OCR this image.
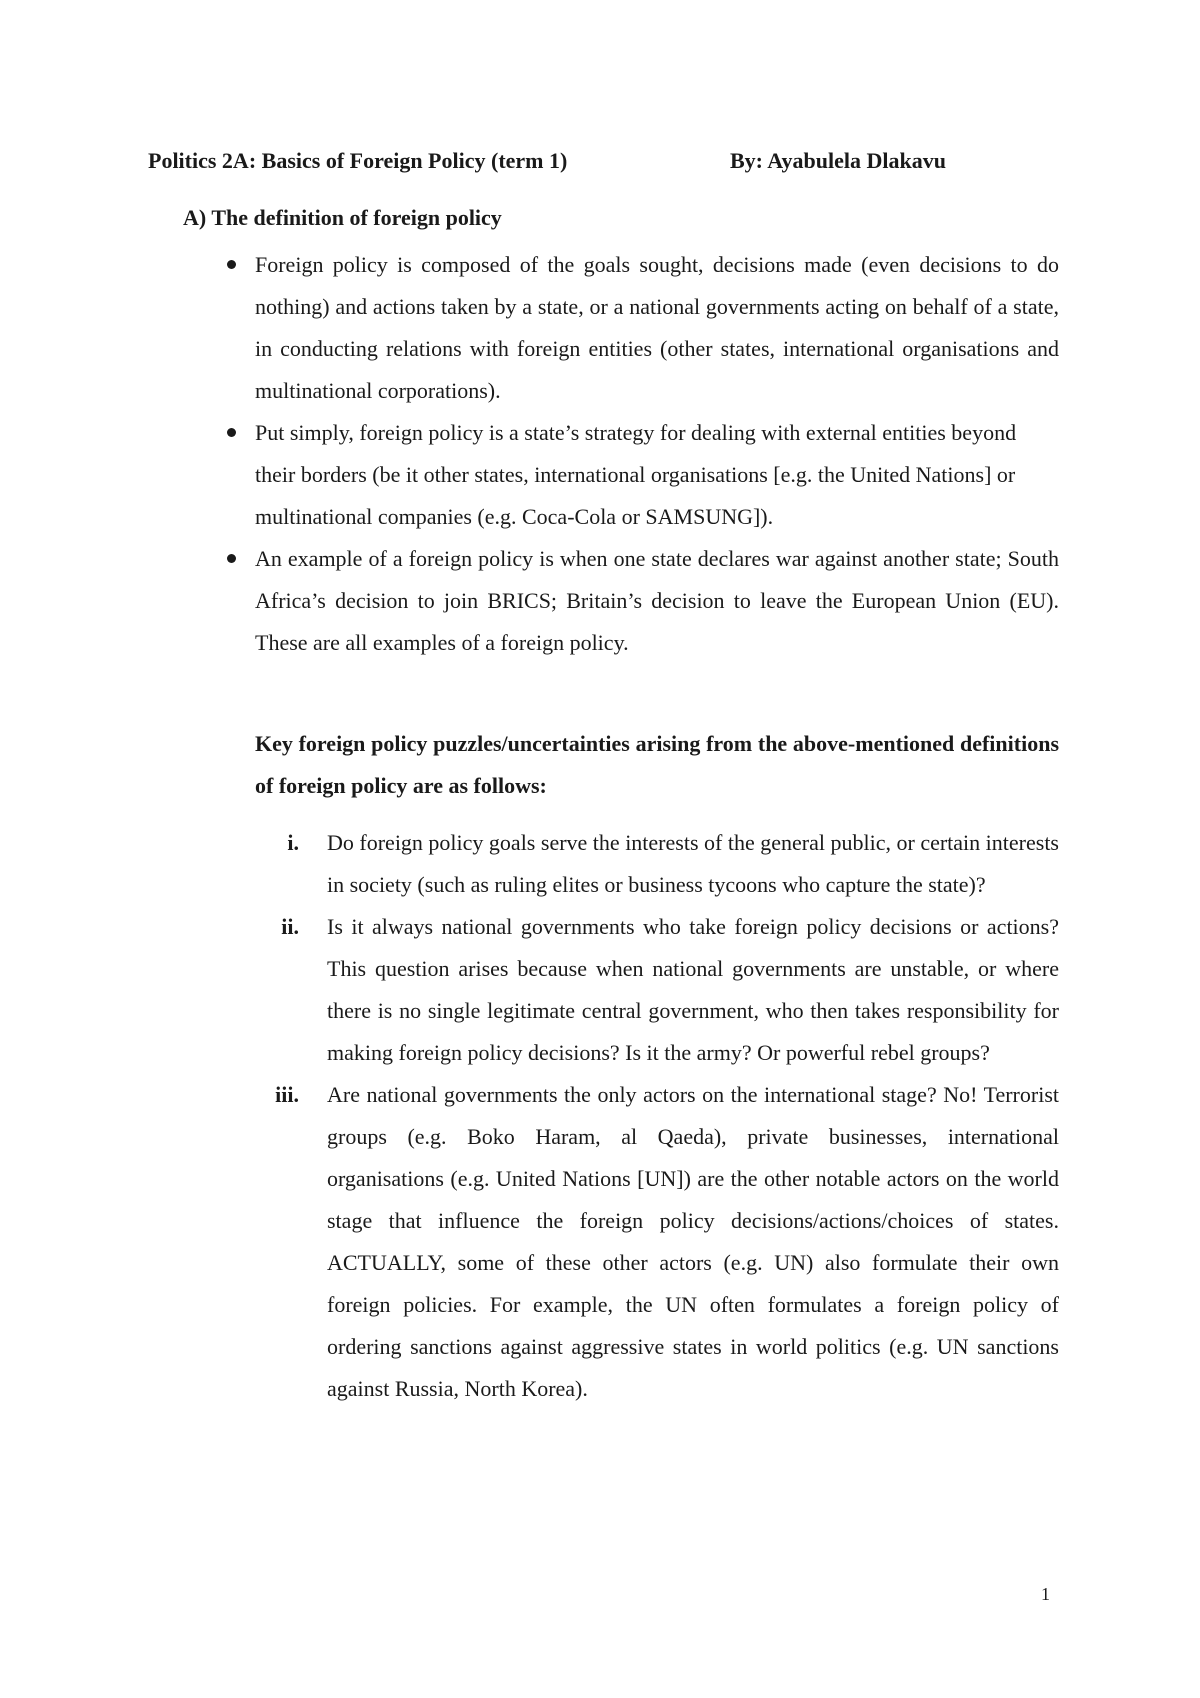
Politics 2A: Basics of Foreign Policy (term 1)	By: Ayabulela Dlakavu
A) The definition of foreign policy
Foreign policy is composed of the goals sought, decisions made (even decisions to do nothing) and actions taken by a state, or a national governments acting on behalf of a state, in conducting relations with foreign entities (other states, international organisations and multinational corporations).
Put simply, foreign policy is a state’s strategy for dealing with external entities beyond their borders (be it other states, international organisations [e.g. the United Nations] or multinational companies (e.g. Coca-Cola or SAMSUNG]).
An example of a foreign policy is when one state declares war against another state; South Africa’s decision to join BRICS; Britain’s decision to leave the European Union (EU). These are all examples of a foreign policy.
Key foreign policy puzzles/uncertainties arising from the above-mentioned definitions of foreign policy are as follows:
i. Do foreign policy goals serve the interests of the general public, or certain interests in society (such as ruling elites or business tycoons who capture the state)?
ii. Is it always national governments who take foreign policy decisions or actions? This question arises because when national governments are unstable, or where there is no single legitimate central government, who then takes responsibility for making foreign policy decisions? Is it the army? Or powerful rebel groups?
iii. Are national governments the only actors on the international stage? No! Terrorist groups (e.g. Boko Haram, al Qaeda), private businesses, international organisations (e.g. United Nations [UN]) are the other notable actors on the world stage that influence the foreign policy decisions/actions/choices of states. ACTUALLY, some of these other actors (e.g. UN) also formulate their own foreign policies. For example, the UN often formulates a foreign policy of ordering sanctions against aggressive states in world politics (e.g. UN sanctions against Russia, North Korea).
1
